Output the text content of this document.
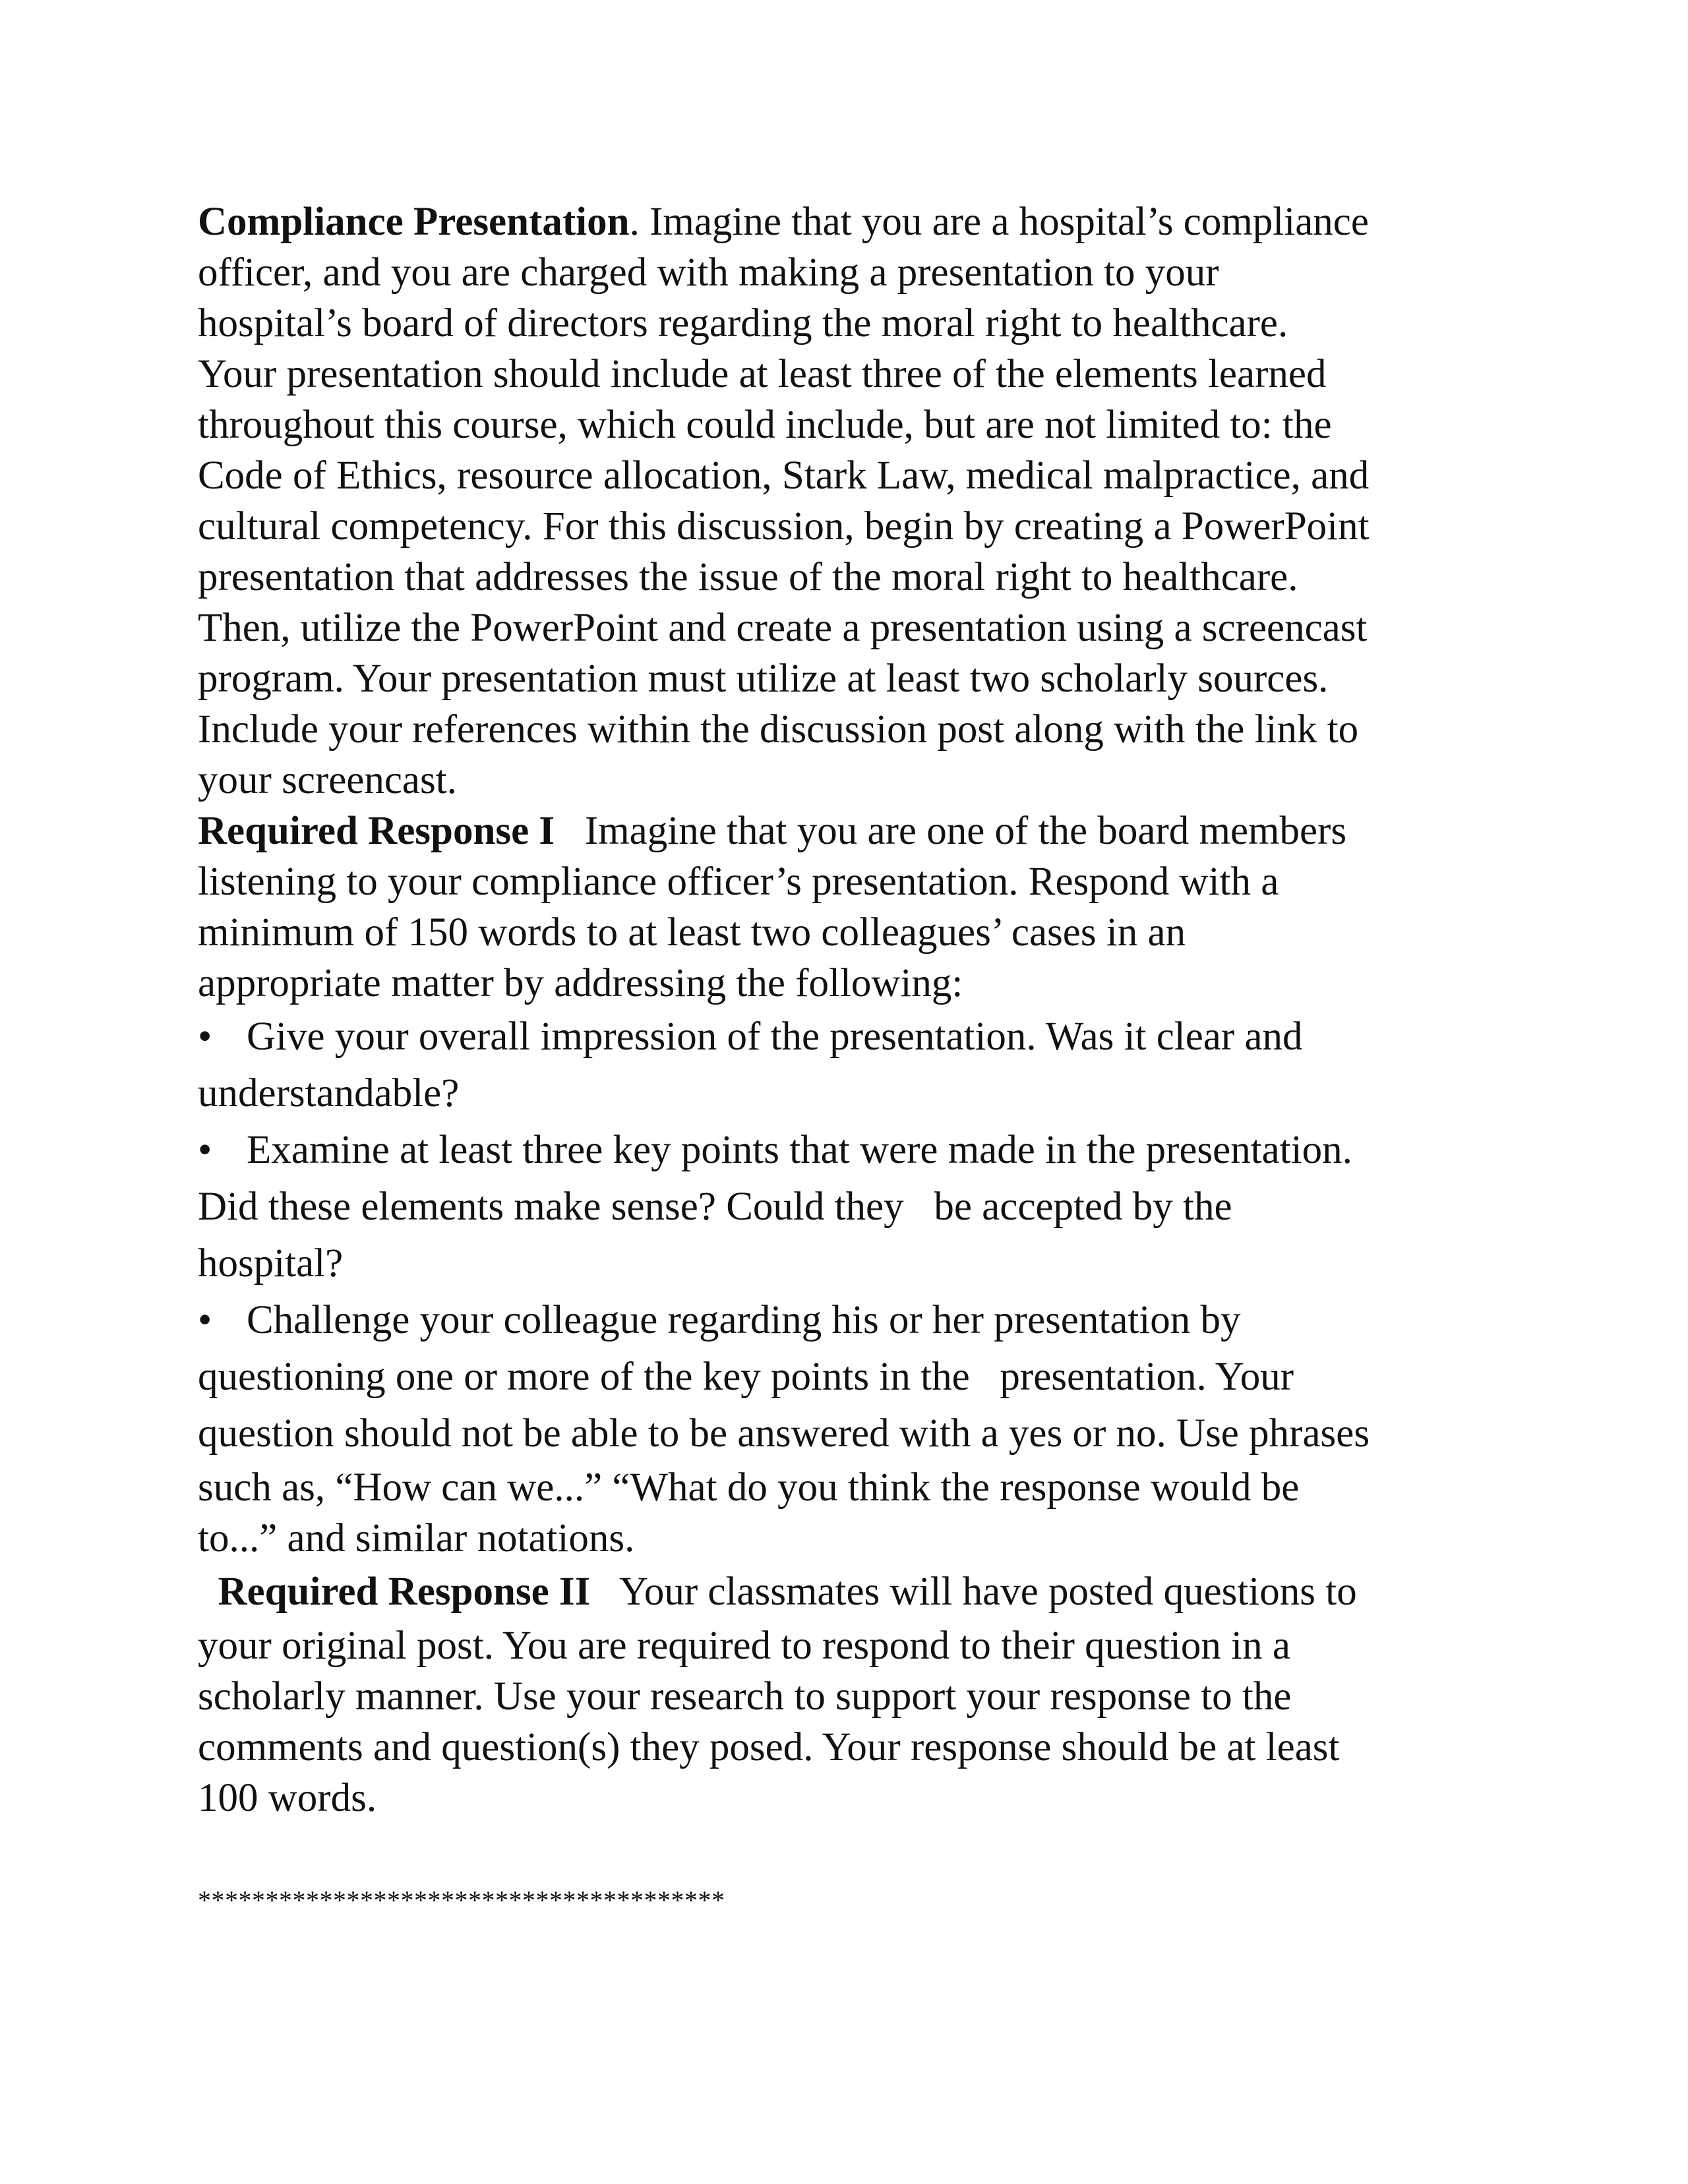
Compliance Presentation. Imagine that you are a hospital’s compliance
officer, and you are charged with making a presentation to your
hospital’s board of directors regarding the moral right to healthcare.
Your presentation should include at least three of the elements learned
throughout this course, which could include, but are not limited to: the
Code of Ethics, resource allocation, Stark Law, medical malpractice, and
cultural competency. For this discussion, begin by creating a PowerPoint
presentation that addresses the issue of the moral right to healthcare.
Then, utilize the PowerPoint and create a presentation using a screencast
program. Your presentation must utilize at least two scholarly sources.
Include your references within the discussion post along with the link to
your screencast.
Required Response I   Imagine that you are one of the board members
listening to your compliance officer’s presentation. Respond with a
minimum of 150 words to at least two colleagues’ cases in an
appropriate matter by addressing the following:
• Give your overall impression of the presentation. Was it clear and
understandable?
• Examine at least three key points that were made in the presentation.
Did these elements make sense? Could they   be accepted by the
hospital?
• Challenge your colleague regarding his or her presentation by
questioning one or more of the key points in the   presentation. Your
question should not be able to be answered with a yes or no. Use phrases
such as, “How can we...” “What do you think the response would be
to...” and similar notations.
Required Response II   Your classmates will have posted questions to
your original post. You are required to respond to their question in a
scholarly manner. Use your research to support your response to the
comments and question(s) they posed. Your response should be at least
100 words.
***************************************
